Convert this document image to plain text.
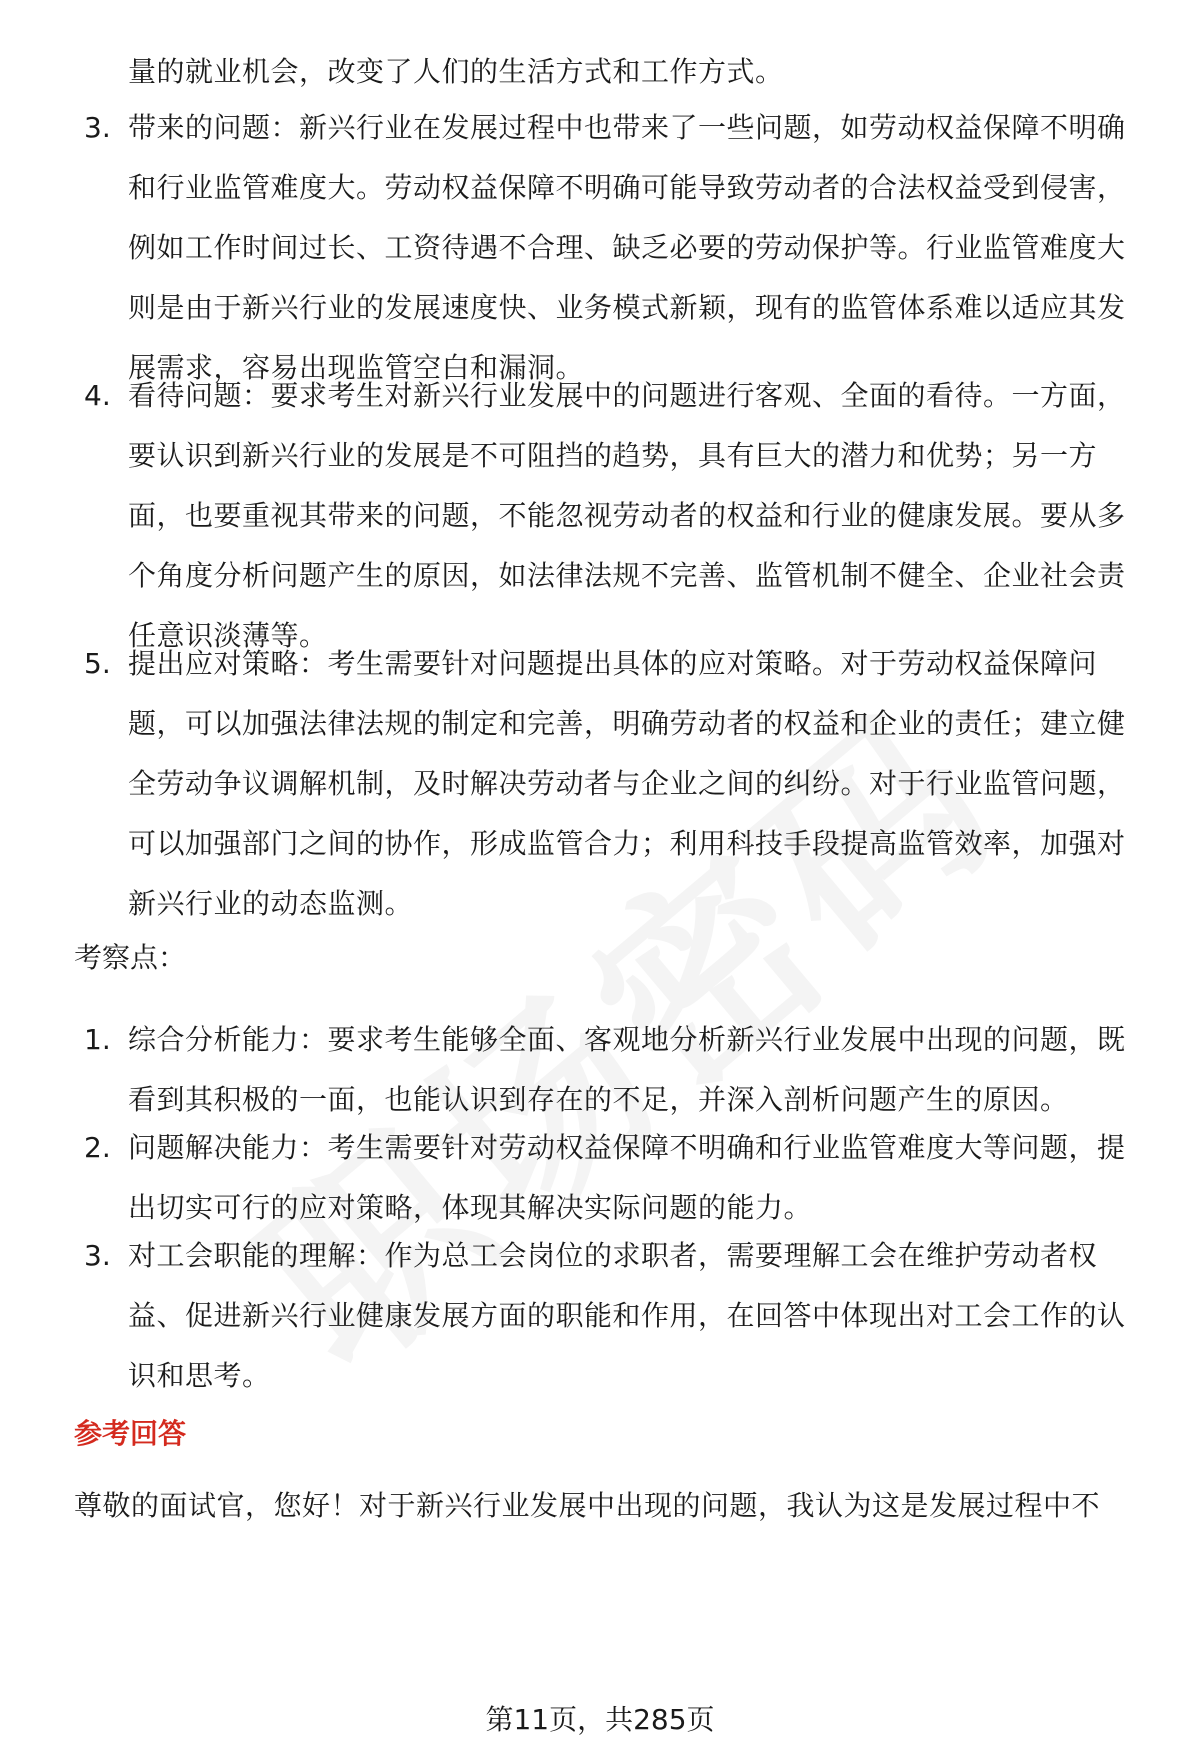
量的就业机会，改变了人们的生活方式和工作方式。

3. 带来的问题：新兴行业在发展过程中也带来了一些问题，如劳动权益保障不明确和行业监管难度大。劳动权益保障不明确可能导致劳动者的合法权益受到侵害，例如工作时间过长、工资待遇不合理、缺乏必要的劳动保护等。行业监管难度大则是由于新兴行业的发展速度快、业务模式新颖，现有的监管体系难以适应其发展需求，容易出现监管空白和漏洞。

4. 看待问题：要求考生对新兴行业发展中的问题进行客观、全面的看待。一方面，要认识到新兴行业的发展是不可阻挡的趋势，具有巨大的潜力和优势；另一方面，也要重视其带来的问题，不能忽视劳动者的权益和行业的健康发展。要从多个角度分析问题产生的原因，如法律法规不完善、监管机制不健全、企业社会责任意识淡薄等。

5. 提出应对策略：考生需要针对问题提出具体的应对策略。对于劳动权益保障问题，可以加强法律法规的制定和完善，明确劳动者的权益和企业的责任；建立健全劳动争议调解机制，及时解决劳动者与企业之间的纠纷。对于行业监管问题，可以加强部门之间的协作，形成监管合力；利用科技手段提高监管效率，加强对新兴行业的动态监测。

考察点：

1. 综合分析能力：要求考生能够全面、客观地分析新兴行业发展中出现的问题，既看到其积极的一面，也能认识到存在的不足，并深入剖析问题产生的原因。

2. 问题解决能力：考生需要针对劳动权益保障不明确和行业监管难度大等问题，提出切实可行的应对策略，体现其解决实际问题的能力。

3. 对工会职能的理解：作为总工会岗位的求职者，需要理解工会在维护劳动者权益、促进新兴行业健康发展方面的职能和作用，在回答中体现出对工会工作的认识和思考。

参考回答

尊敬的面试官，您好！对于新兴行业发展中出现的问题，我认为这是发展过程中不

第11页，共285页
